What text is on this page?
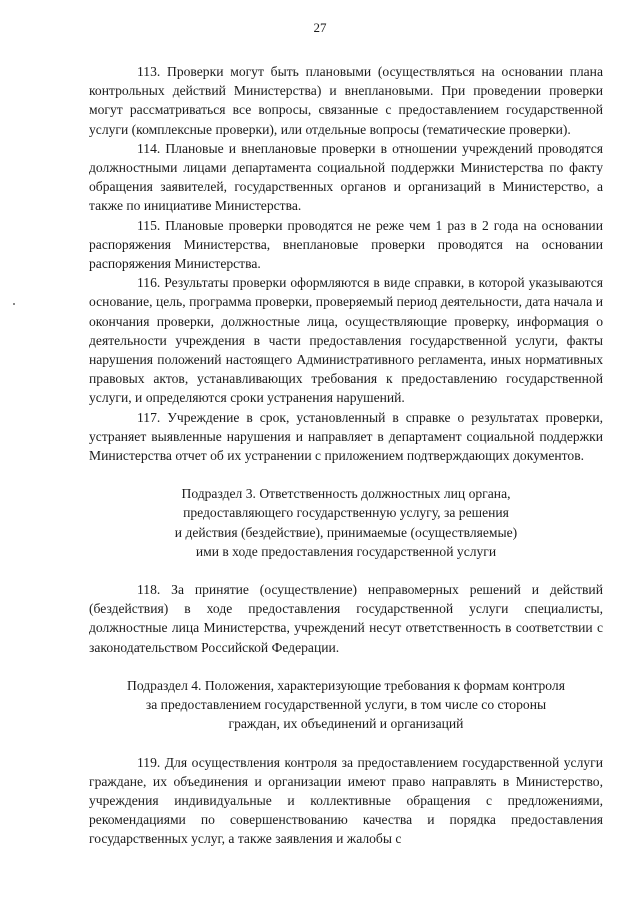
27

113. Проверки могут быть плановыми (осуществляться на основании плана контрольных действий Министерства) и внеплановыми. При проведении проверки могут рассматриваться все вопросы, связанные с предоставлением государственной услуги (комплексные проверки), или отдельные вопросы (тематические проверки).

114. Плановые и внеплановые проверки в отношении учреждений проводятся должностными лицами департамента социальной поддержки Министерства по факту обращения заявителей, государственных органов и организаций в Министерство, а также по инициативе Министерства.

115. Плановые проверки проводятся не реже чем 1 раз в 2 года на основании распоряжения Министерства, внеплановые проверки проводятся на основании распоряжения Министерства.

116. Результаты проверки оформляются в виде справки, в которой указываются основание, цель, программа проверки, проверяемый период деятельности, дата начала и окончания проверки, должностные лица, осуществляющие проверку, информация о деятельности учреждения в части предоставления государственной услуги, факты нарушения положений настоящего Административного регламента, иных нормативных правовых актов, устанавливающих требования к предоставлению государственной услуги, и определяются сроки устранения нарушений.

117. Учреждение в срок, установленный в справке о результатах проверки, устраняет выявленные нарушения и направляет в департамент социальной поддержки Министерства отчет об их устранении с приложением подтверждающих документов.

Подраздел 3. Ответственность должностных лиц органа,
предоставляющего государственную услугу, за решения
и действия (бездействие), принимаемые (осуществляемые)
ими в ходе предоставления государственной услуги

118. За принятие (осуществление) неправомерных решений и действий (бездействия) в ходе предоставления государственной услуги специалисты, должностные лица Министерства, учреждений несут ответственность в соответствии с законодательством Российской Федерации.

Подраздел 4. Положения, характеризующие требования к формам контроля
за предоставлением государственной услуги, в том числе со стороны
граждан, их объединений и организаций

119. Для осуществления контроля за предоставлением государственной услуги граждане, их объединения и организации имеют право направлять в Министерство, учреждения индивидуальные и коллективные обращения с предложениями, рекомендациями по совершенствованию качества и порядка предоставления государственных услуг, а также заявления и жалобы с
